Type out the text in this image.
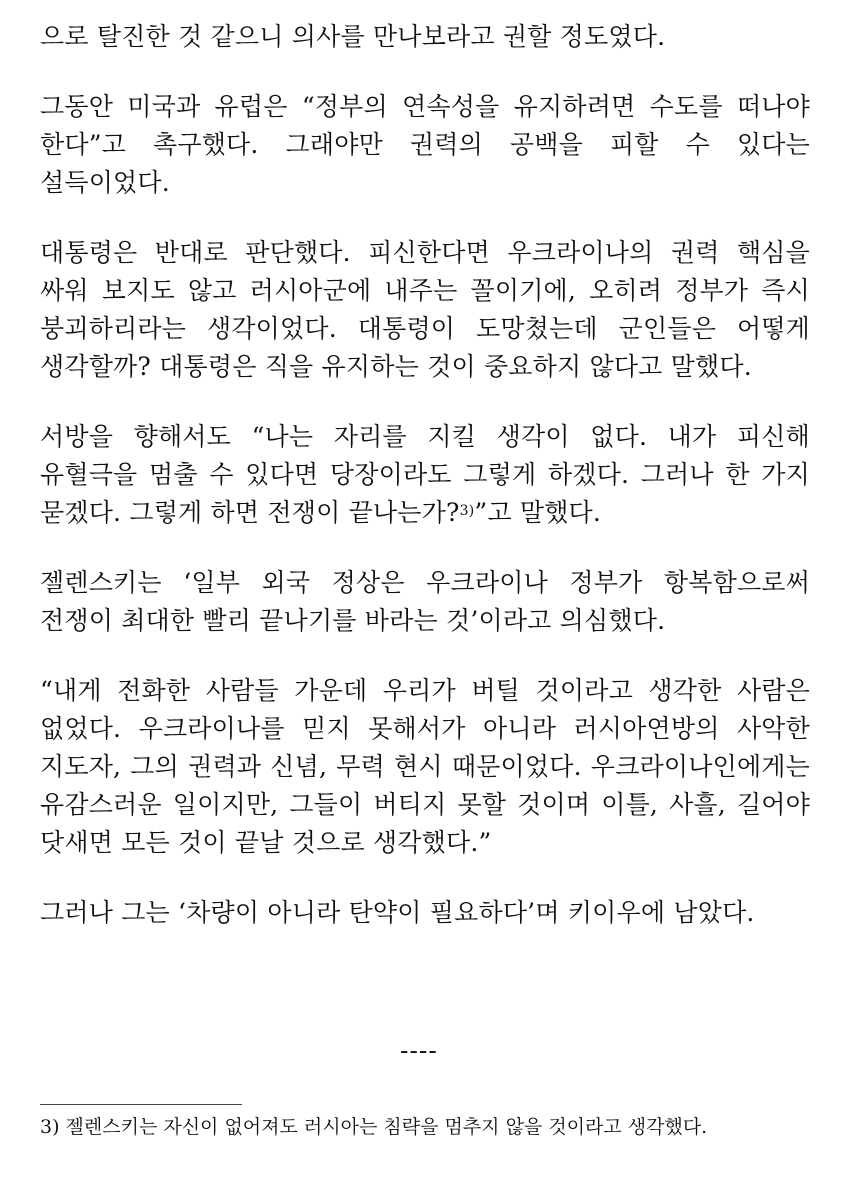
으로 탈진한 것 같으니 의사를 만나보라고 권할 정도였다.

그동안 미국과 유럽은 “정부의 연속성을 유지하려면 수도를 떠나야 한다”고 촉구했다. 그래야만 권력의 공백을 피할 수 있다는 설득이었다.

대통령은 반대로 판단했다. 피신한다면 우크라이나의 권력 핵심을 싸워 보지도 않고 러시아군에 내주는 꼴이기에, 오히려 정부가 즉시 붕괴하리라는 생각이었다. 대통령이 도망쳤는데 군인들은 어떻게 생각할까? 대통령은 직을 유지하는 것이 중요하지 않다고 말했다.

서방을 향해서도 “나는 자리를 지킬 생각이 없다. 내가 피신해 유혈극을 멈출 수 있다면 당장이라도 그렇게 하겠다. 그러나 한 가지 묻겠다. 그렇게 하면 전쟁이 끝나는가?$^{3)}$”고 말했다.

젤렌스키는 ‘일부 외국 정상은 우크라이나 정부가 항복함으로써 전쟁이 최대한 빨리 끝나기를 바라는 것’이라고 의심했다.

“내게 전화한 사람들 가운데 우리가 버틸 것이라고 생각한 사람은 없었다. 우크라이나를 믿지 못해서가 아니라 러시아연방의 사악한 지도자, 그의 권력과 신념, 무력 현시 때문이었다. 우크라이나인에게는 유감스러운 일이지만, 그들이 버티지 못할 것이며 이틀, 사흘, 길어야 닷새면 모든 것이 끝날 것으로 생각했다.”

그러나 그는 ‘차량이 아니라 탄약이 필요하다’며 키이우에 남았다.

----
3) 젤렌스키는 자신이 없어져도 러시아는 침략을 멈추지 않을 것이라고 생각했다.
